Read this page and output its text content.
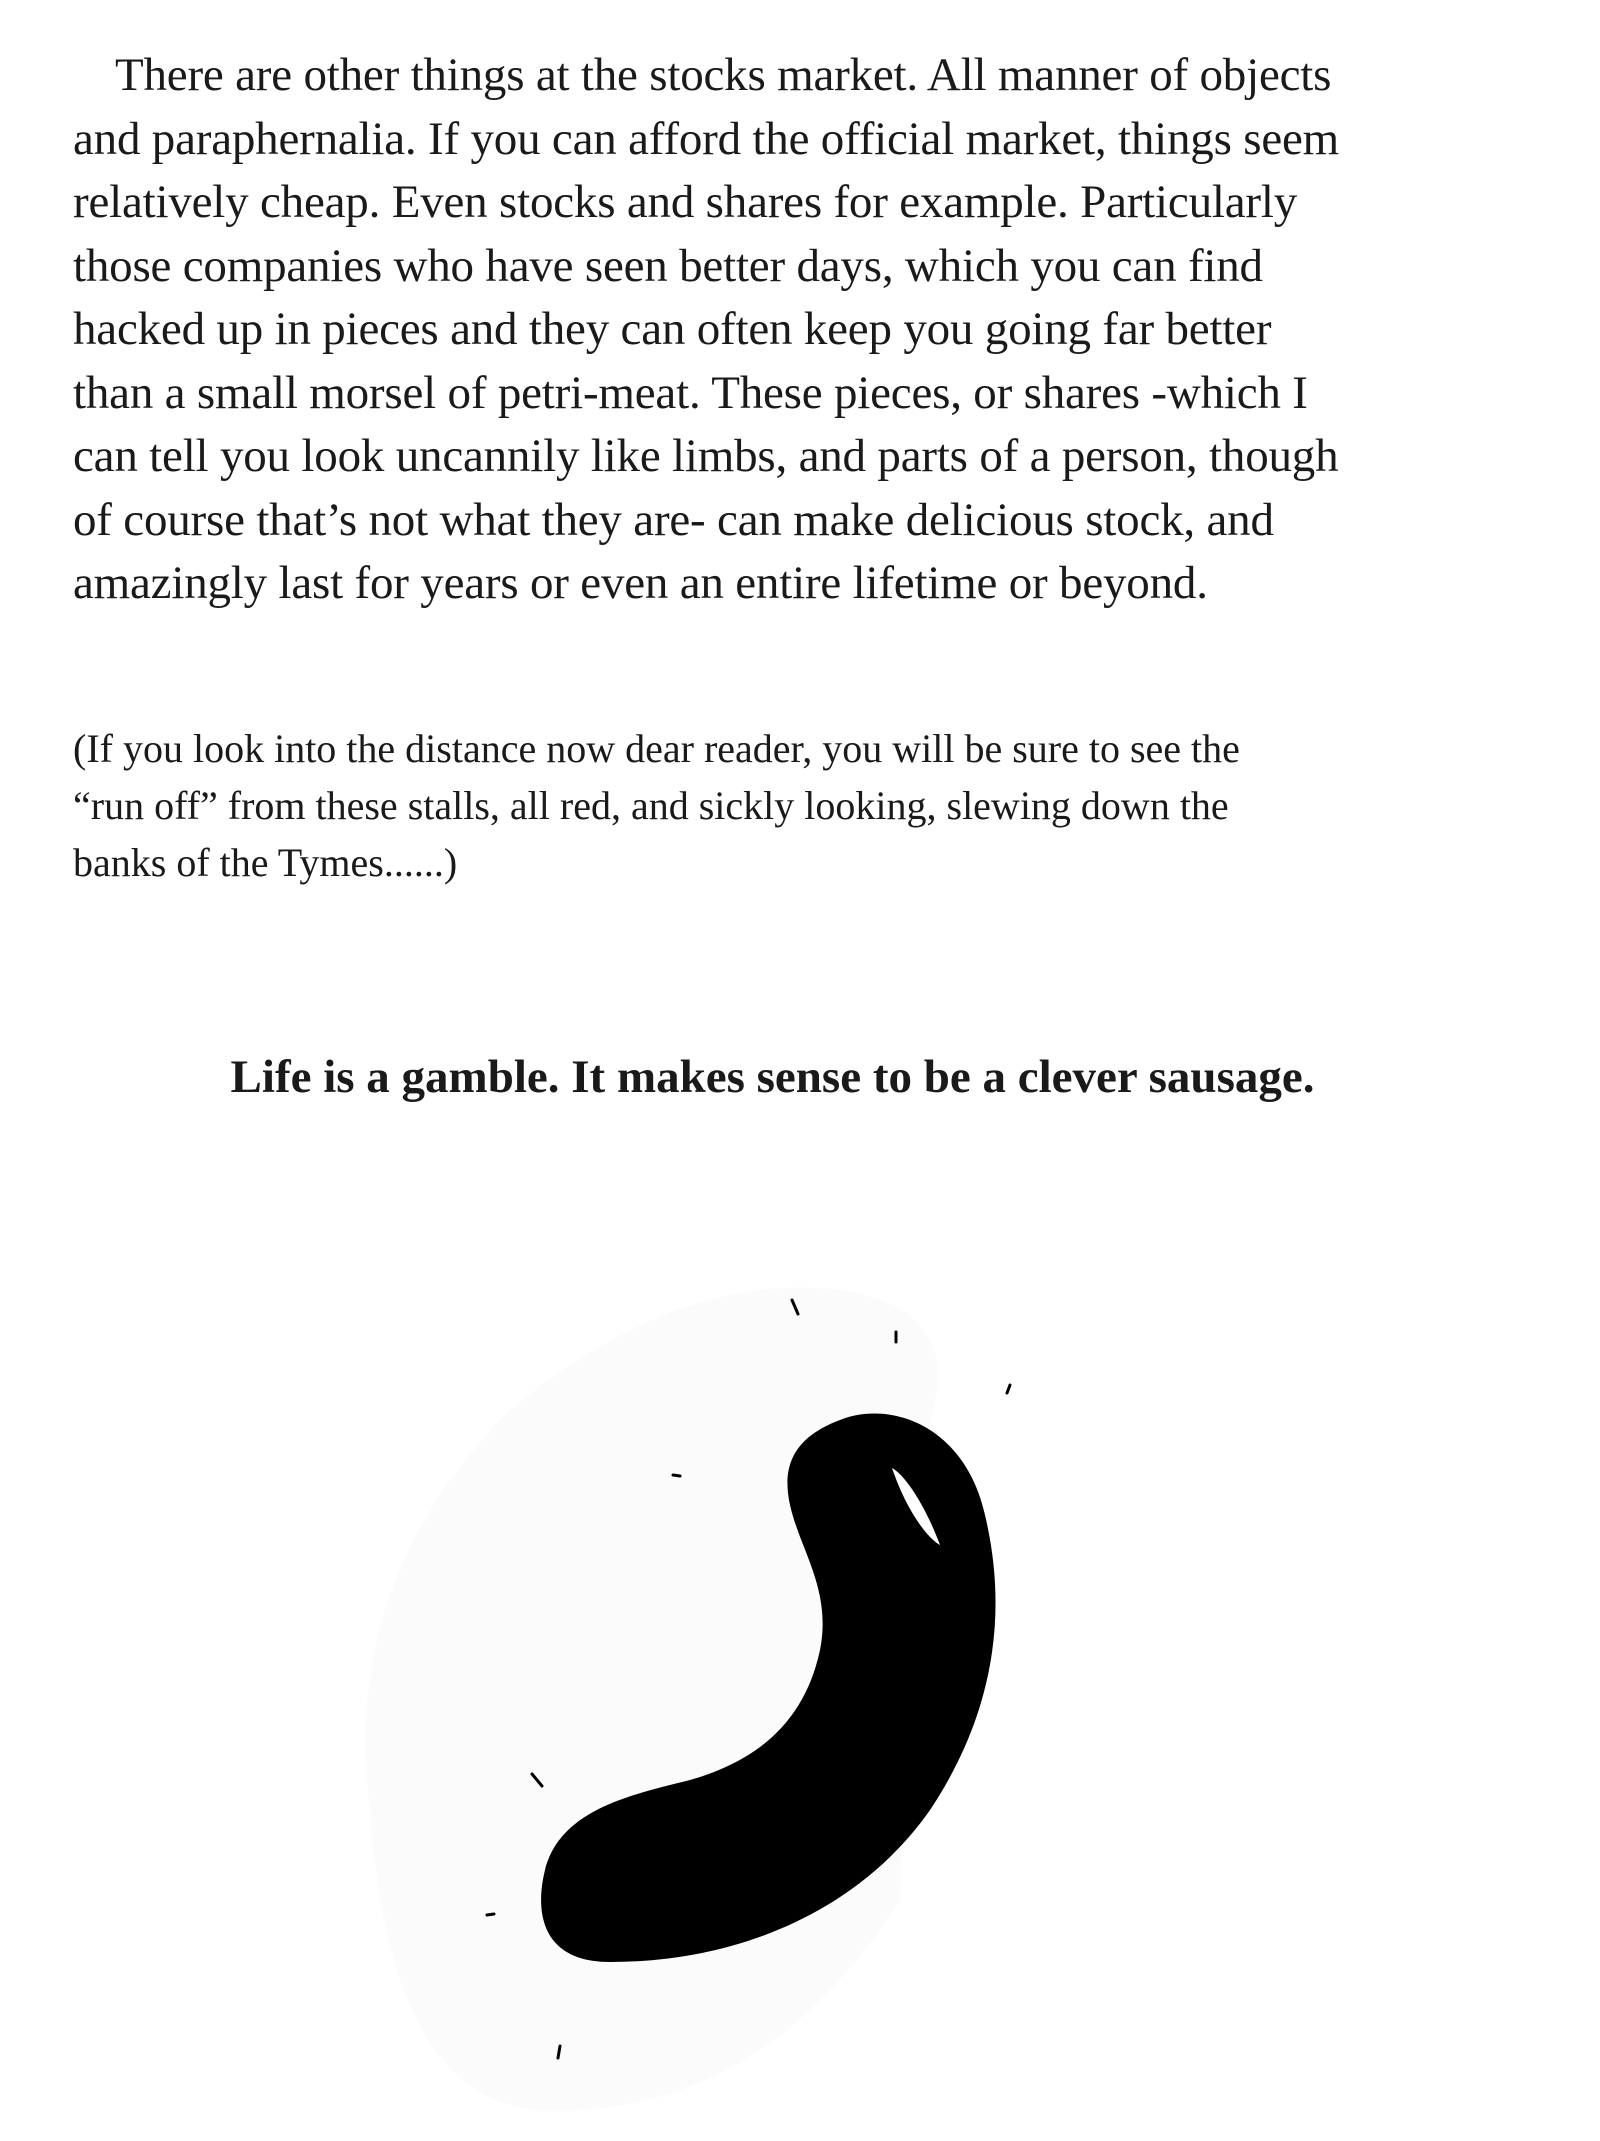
There are other things at the stocks market. All manner of objects
and paraphernalia. If you can afford the official market, things seem
relatively cheap. Even stocks and shares for example. Particularly
those companies who have seen better days, which you can find
hacked up in pieces and they can often keep you going far better
than a small morsel of petri-meat. These pieces, or shares -which I
can tell you look uncannily like limbs, and parts of a person, though
of course that’s not what they are- can make delicious stock, and
amazingly last for years or even an entire lifetime or beyond.

(If you look into the distance now dear reader, you will be sure to see the
“run off” from these stalls, all red, and sickly looking, slewing down the
banks of the Tymes......)

Life is a gamble. It makes sense to be a clever sausage.
